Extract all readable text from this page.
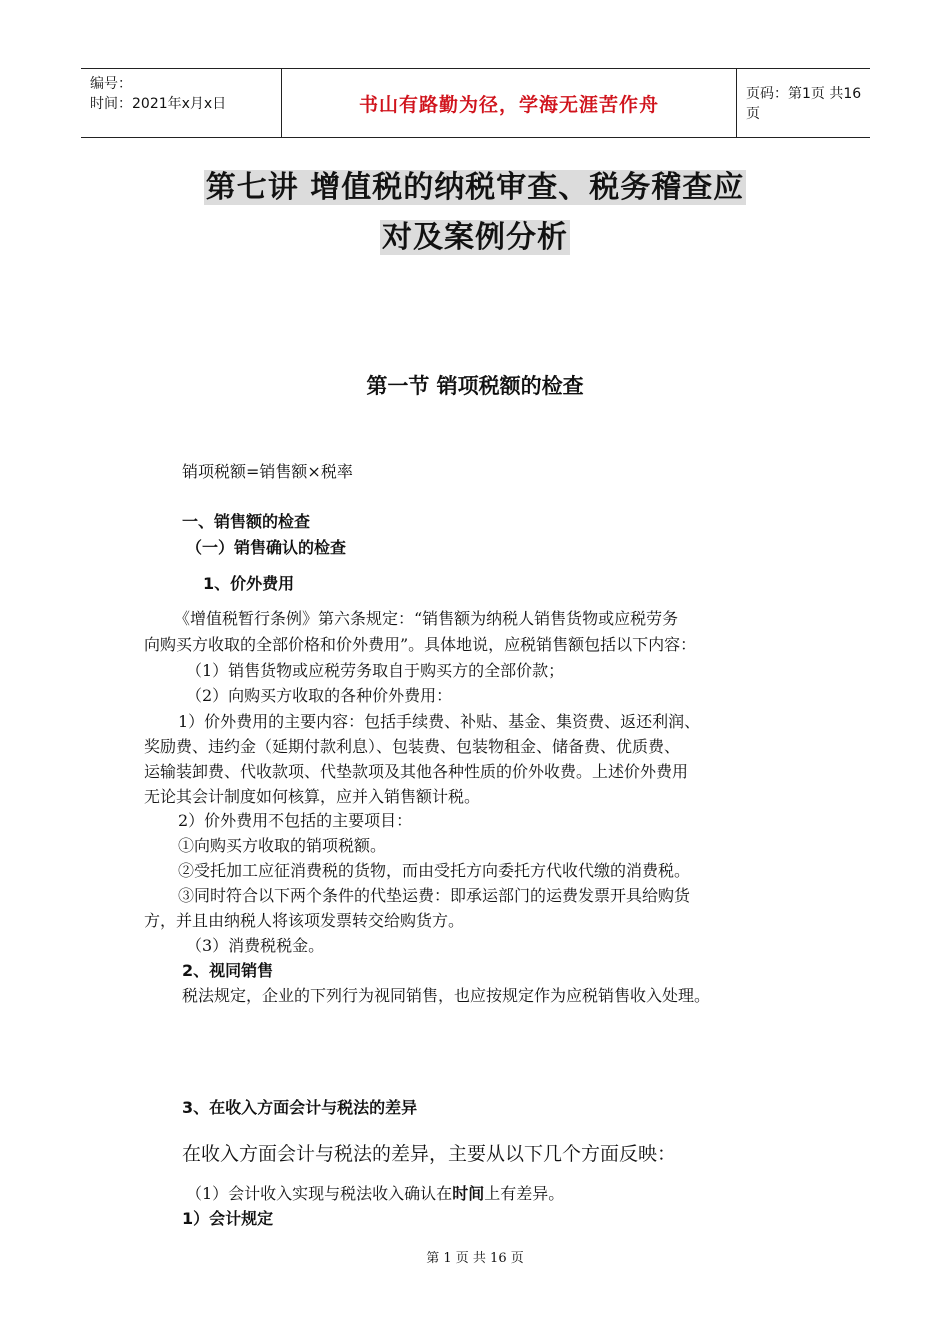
编号：
时间：2021年x月x日	书山有路勤为径，学海无涯苦作舟	页码：第1页 共16页
第七讲 增值税的纳税审查、税务稽查应
对及案例分析
第一节 销项税额的检查
销项税额=销售额×税率
一、销售额的检查
（一）销售确认的检查
1、价外费用
《增值税暂行条例》第六条规定：“销售额为纳税人销售货物或应税劳务
向购买方收取的全部价格和价外费用”。具体地说，应税销售额包括以下内容：
（1）销售货物或应税劳务取自于购买方的全部价款；
（2）向购买方收取的各种价外费用：
1）价外费用的主要内容：包括手续费、补贴、基金、集资费、返还利润、
奖励费、违约金（延期付款利息）、包装费、包装物租金、储备费、优质费、
运输装卸费、代收款项、代垫款项及其他各种性质的价外收费。上述价外费用
无论其会计制度如何核算，应并入销售额计税。
2）价外费用不包括的主要项目：
①向购买方收取的销项税额。
②受托加工应征消费税的货物，而由受托方向委托方代收代缴的消费税。
③同时符合以下两个条件的代垫运费：即承运部门的运费发票开具给购货
方，并且由纳税人将该项发票转交给购货方。
（3）消费税税金。
2、视同销售
税法规定，企业的下列行为视同销售，也应按规定作为应税销售收入处理。
3、在收入方面会计与税法的差异
在收入方面会计与税法的差异，主要从以下几个方面反映：
（1）会计收入实现与税法收入确认在时间上有差异。
1）会计规定
第 1 页 共 16 页
